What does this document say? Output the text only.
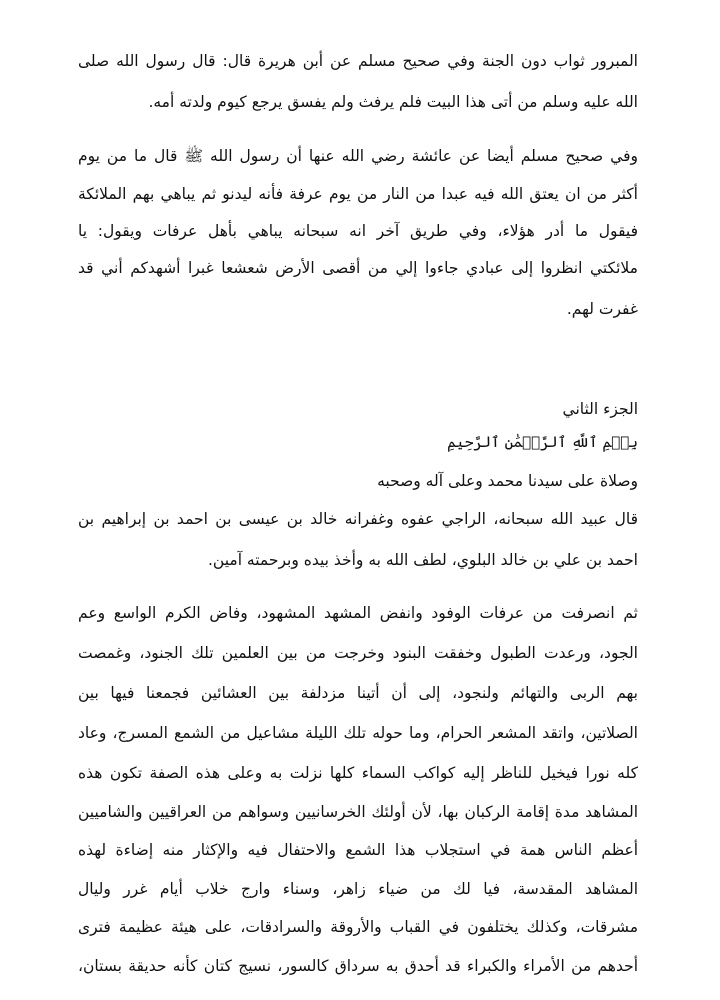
المبرور ثواب دون الجنة وفي صحيح مسلم عن أبن هريرة قال: قال رسول الله صلى
الله عليه وسلم من أتى هذا البيت فلم يرفث ولم يفسق يرجع كيوم ولدته أمه.
وفي صحيح مسلم أيضا عن عائشة رضي الله عنها أن رسول الله ﷺ قال ما من يوم
أكثر من ان يعتق الله فيه عبدا من النار من يوم عرفة فأنه ليدنو ثم يباهي بهم الملائكة
فيقول ما أدر هؤلاء، وفي طريق آخر انه سبحانه يباهي بأهل عرفات ويقول: يا
ملائكتي انظروا إلى عبادي جاءوا إلي من أقصى الأرض شعشعا غبرا أشهدكم أني قد
غفرت لهم.
الجزء الثاني
بِسۡمِ ٱللَّهِ ٱلرَّحۡمَٰنِ ٱلرَّحِيمِ
وصلاة على سيدنا محمد وعلى آله وصحبه
قال عبيد الله سبحانه، الراجي عفوه وغفرانه خالد بن عيسى بن احمد بن إبراهيم بن
احمد بن علي بن خالد البلوي، لطف الله به وأخذ بيده وبرحمته آمين.
ثم انصرفت من عرفات الوفود وانفض المشهد المشهود، وفاض الكرم الواسع وعم
الجود، ورعدت الطبول وخفقت البنود وخرجت من بين العلمين تلك الجنود، وغمصت
بهم الربى والتهائم ولنجود، إلى أن أتينا مزدلفة بين العشائين فجمعنا فيها بين
الصلاتين، واتقد المشعر الحرام، وما حوله تلك الليلة مشاعيل من الشمع المسرج، وعاد
كله نورا فيخيل للناظر إليه كواكب السماء كلها نزلت به وعلى هذه الصفة تكون هذه
المشاهد مدة إقامة الركبان بها، لأن أولئك الخرسانيين وسواهم من العراقيين والشاميين
أعظم الناس همة في استجلاب هذا الشمع والاحتفال فيه والإكثار منه إضاءة لهذه
المشاهد المقدسة، فيا لك من ضياء زاهر، وسناء وارج خلاب أيام غرر وليال
مشرقات، وكذلك يختلفون في القباب والأروقة والسرادقات، على هيئة عظيمة فترى
أحدهم من الأمراء والكبراء قد أحدق به سرداق كالسور، نسيج كتان كأنه حديقة بستان،
